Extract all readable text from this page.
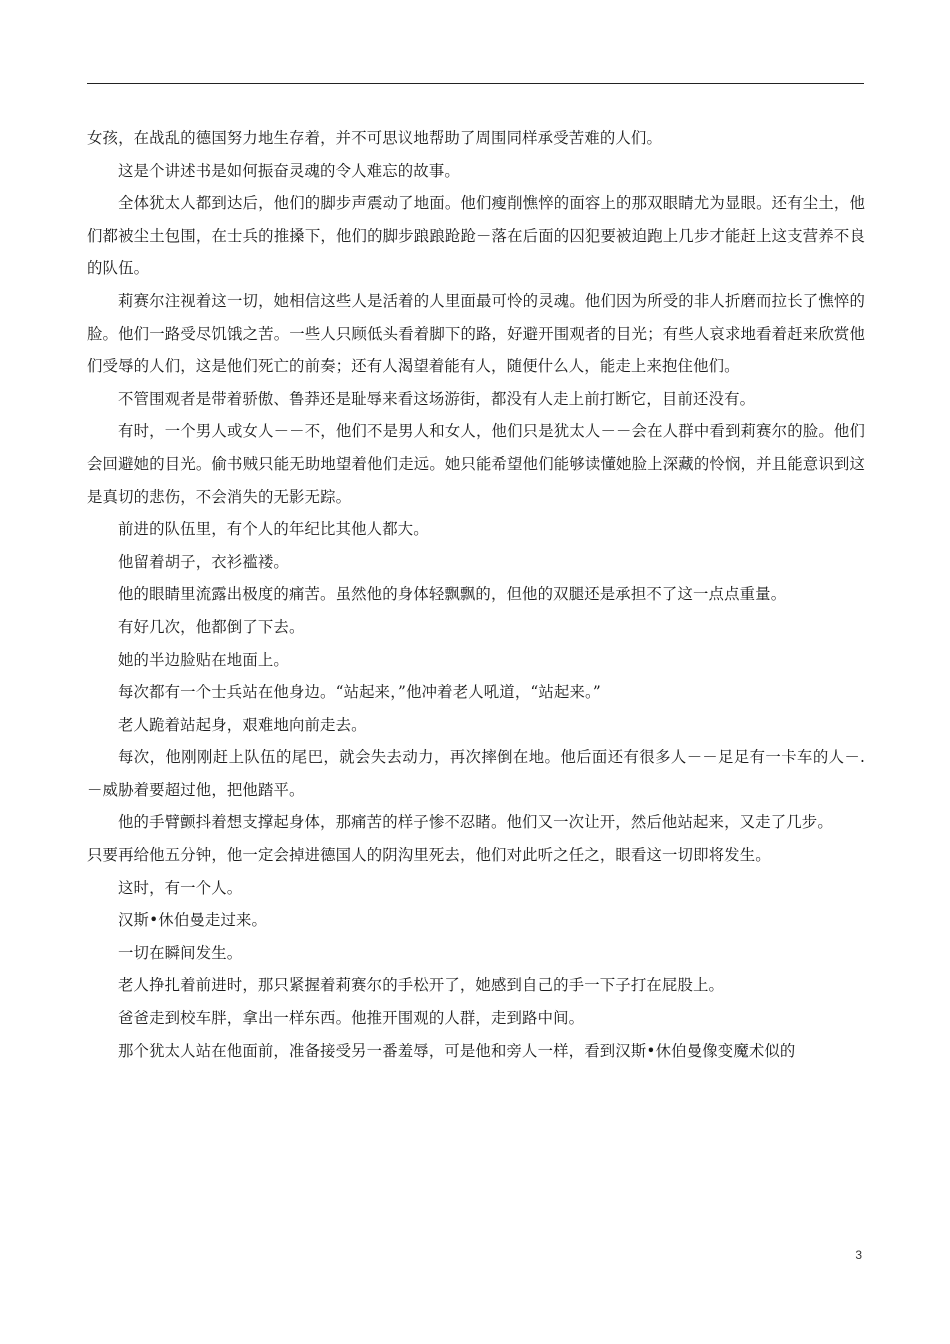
女孩，在战乱的德国努力地生存着，并不可思议地帮助了周围同样承受苦难的人们。

这是个讲述书是如何振奋灵魂的令人难忘的故事。

全体犹太人都到达后，他们的脚步声震动了地面。他们瘦削憔悴的面容上的那双眼睛尤为显眼。还有尘土，他们都被尘土包围，在士兵的推搡下，他们的脚步踉踉跄跄－落在后面的囚犯要被迫跑上几步才能赶上这支营养不良的队伍。

莉赛尔注视着这一切，她相信这些人是活着的人里面最可怜的灵魂。他们因为所受的非人折磨而拉长了憔悴的脸。他们一路受尽饥饿之苦。一些人只顾低头看着脚下的路，好避开围观者的目光；有些人哀求地看着赶来欣赏他们受辱的人们，这是他们死亡的前奏；还有人渴望着能有人，随便什么人，能走上来抱住他们。

不管围观者是带着骄傲、鲁莽还是耻辱来看这场游街，都没有人走上前打断它，目前还没有。

有时，一个男人或女人－－不，他们不是男人和女人，他们只是犹太人－－会在人群中看到莉赛尔的脸。他们会回避她的目光。偷书贼只能无助地望着他们走远。她只能希望他们能够读懂她脸上深藏的怜悯，并且能意识到这是真切的悲伤，不会消失的无影无踪。

前进的队伍里，有个人的年纪比其他人都大。

他留着胡子，衣衫褴褛。

他的眼睛里流露出极度的痛苦。虽然他的身体轻飘飘的，但他的双腿还是承担不了这一点点重量。

有好几次，他都倒了下去。

她的半边脸贴在地面上。

每次都有一个士兵站在他身边。“站起来，”他冲着老人吼道，“站起来。”

老人跪着站起身，艰难地向前走去。

每次，他刚刚赶上队伍的尾巴，就会失去动力，再次摔倒在地。他后面还有很多人－－足足有一卡车的人－.－威胁着要超过他，把他踏平。

他的手臂颤抖着想支撑起身体，那痛苦的样子惨不忍睹。他们又一次让开，然后他站起来，又走了几步。

只要再给他五分钟，他一定会掉进德国人的阴沟里死去，他们对此听之任之，眼看这一切即将发生。

这时，有一个人。

汉斯•休伯曼走过来。

一切在瞬间发生。

老人挣扎着前进时，那只紧握着莉赛尔的手松开了，她感到自己的手一下子打在屁股上。

爸爸走到校车胖，拿出一样东西。他推开围观的人群，走到路中间。

那个犹太人站在他面前，准备接受另一番羞辱，可是他和旁人一样，看到汉斯•休伯曼像变魔术似的

3
